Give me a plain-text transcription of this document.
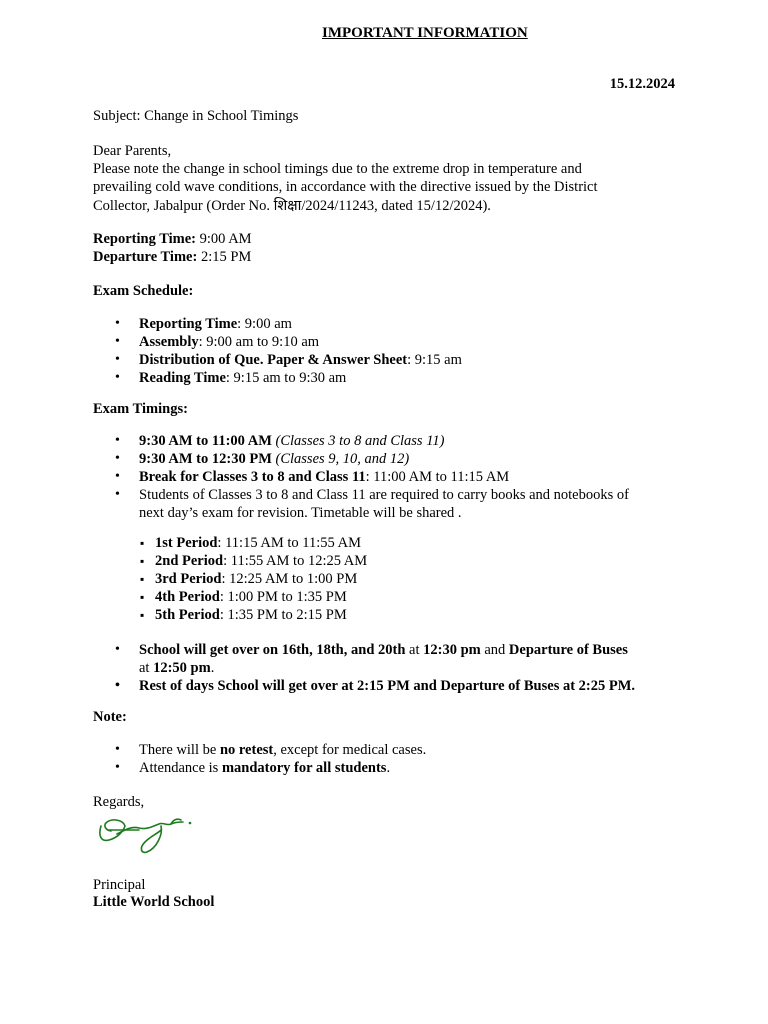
IMPORTANT INFORMATION
15.12.2024
Subject: Change in School Timings
Dear Parents,
Please note the change in school timings due to the extreme drop in temperature and
prevailing cold wave conditions, in accordance with the directive issued by the District
Collector, Jabalpur (Order No. शिक्षा/2024/11243, dated 15/12/2024).
Reporting Time: 9:00 AM
Departure Time: 2:15 PM
Exam Schedule:
• Reporting Time: 9:00 am
• Assembly: 9:00 am to 9:10 am
• Distribution of Que. Paper & Answer Sheet: 9:15 am
• Reading Time: 9:15 am to 9:30 am
Exam Timings:
• 9:30 AM to 11:00 AM (Classes 3 to 8 and Class 11)
• 9:30 AM to 12:30 PM (Classes 9, 10, and 12)
• Break for Classes 3 to 8 and Class 11: 11:00 AM to 11:15 AM
• Students of Classes 3 to 8 and Class 11 are required to carry books and notebooks of
next day’s exam for revision. Timetable will be shared .
▪ 1st Period: 11:15 AM to 11:55 AM
▪ 2nd Period: 11:55 AM to 12:25 AM
▪ 3rd Period: 12:25 AM to 1:00 PM
▪ 4th Period: 1:00 PM to 1:35 PM
▪ 5th Period: 1:35 PM to 2:15 PM
• School will get over on 16th, 18th, and 20th at 12:30 pm and Departure of Buses
at 12:50 pm.
• Rest of days School will get over at 2:15 PM and Departure of Buses at 2:25 PM.
Note:
• There will be no retest, except for medical cases.
• Attendance is mandatory for all students.
Regards,
Principal
Little World School
